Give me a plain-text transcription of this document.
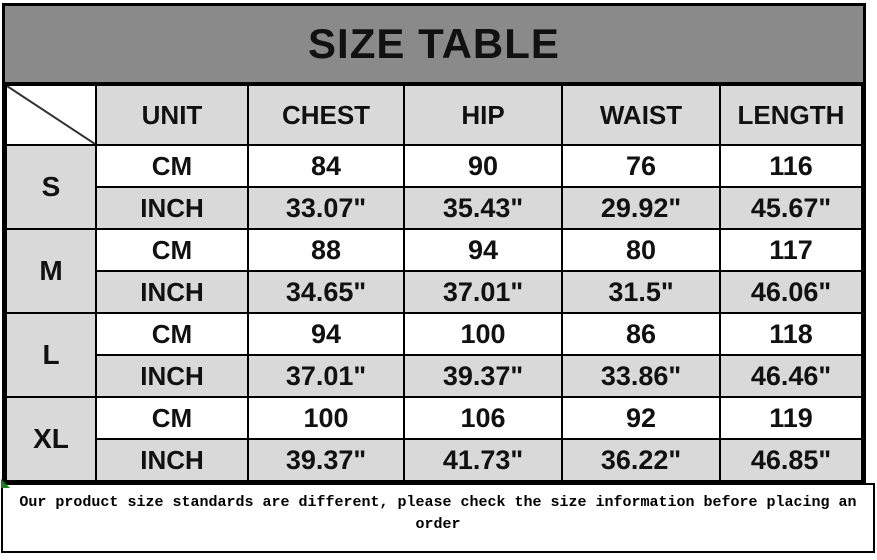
SIZE TABLE
	UNIT	CHEST	HIP	WAIST	LENGTH
S	CM	84	90	76	116
	INCH	33.07"	35.43"	29.92"	45.67"
M	CM	88	94	80	117
	INCH	34.65"	37.01"	31.5"	46.06"
L	CM	94	100	86	118
	INCH	37.01"	39.37"	33.86"	46.46"
XL	CM	100	106	92	119
	INCH	39.37"	41.73"	36.22"	46.85"
Our product size standards are different, please check the size information before placing an order
